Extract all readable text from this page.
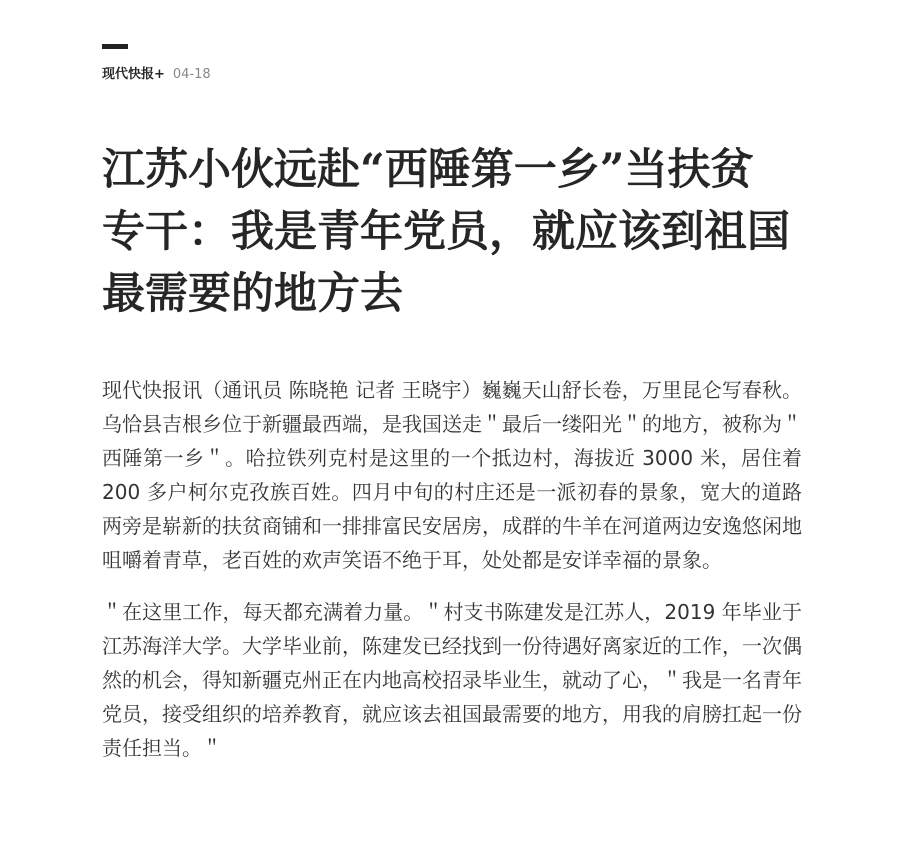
现代快报+ 04-18
江苏小伙远赴“西陲第一乡”当扶贫专干：我是青年党员，就应该到祖国最需要的地方去

现代快报讯（通讯员 陈晓艳 记者 王晓宇）巍巍天山舒长卷，万里昆仑写春秋。乌恰县吉根乡位于新疆最西端，是我国送走＂最后一缕阳光＂的地方，被称为＂西陲第一乡＂。哈拉铁列克村是这里的一个抵边村，海拔近 3000 米，居住着 200 多户柯尔克孜族百姓。四月中旬的村庄还是一派初春的景象，宽大的道路两旁是崭新的扶贫商铺和一排排富民安居房，成群的牛羊在河道两边安逸悠闲地咀嚼着青草，老百姓的欢声笑语不绝于耳，处处都是安详幸福的景象。

＂在这里工作，每天都充满着力量。＂村支书陈建发是江苏人，2019 年毕业于江苏海洋大学。大学毕业前，陈建发已经找到一份待遇好离家近的工作，一次偶然的机会，得知新疆克州正在内地高校招录毕业生，就动了心，＂我是一名青年党员，接受组织的培养教育，就应该去祖国最需要的地方，用我的肩膀扛起一份责任担当。＂
